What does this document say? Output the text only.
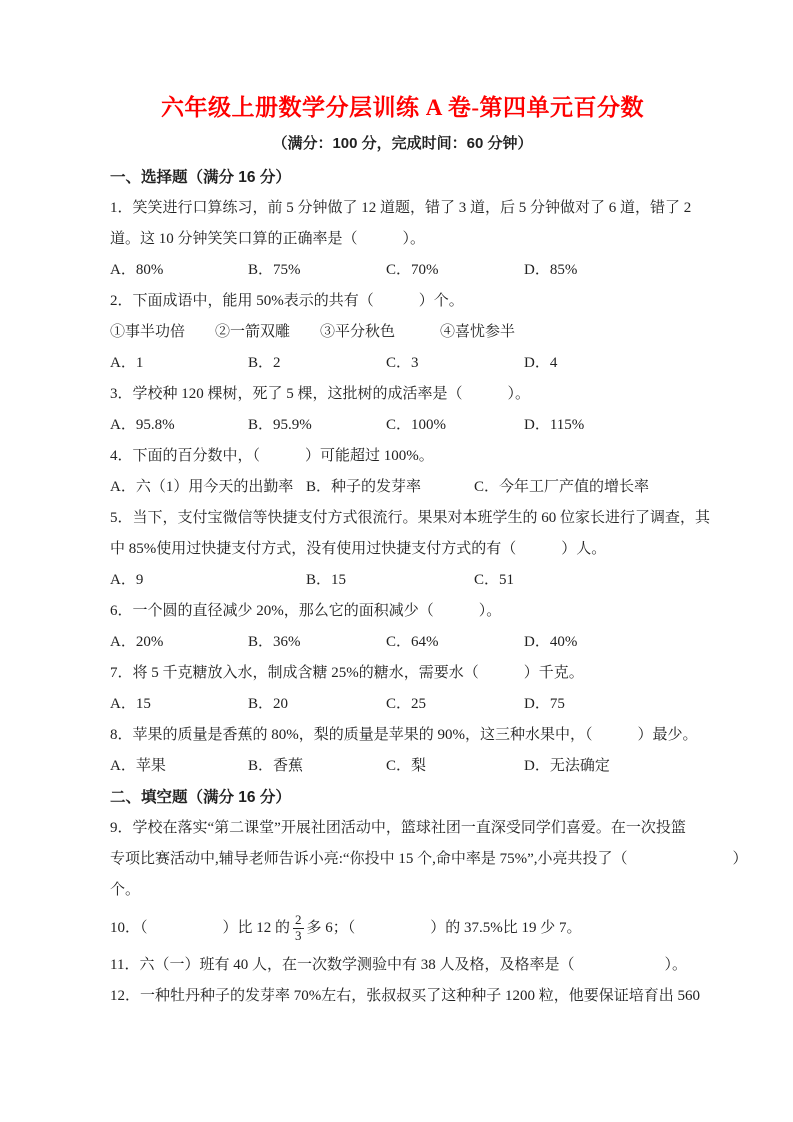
六年级上册数学分层训练 A 卷-第四单元百分数
（满分：100 分，完成时间：60 分钟）
一、选择题（满分 16 分）
1．笑笑进行口算练习，前 5 分钟做了 12 道题，错了 3 道，后 5 分钟做对了 6 道，错了 2
道。这 10 分钟笑笑口算的正确率是（　　　）。
A．80%	B．75%	C．70%	D．85%
2．下面成语中，能用 50%表示的共有（　　　）个。
①事半功倍　　②一箭双雕　　③平分秋色　　　④喜忧参半
A．1	B．2	C．3	D．4
3．学校种 120 棵树，死了 5 棵，这批树的成活率是（　　　）。
A．95.8%	B．95.9%	C．100%	D．115%
4．下面的百分数中，（　　　）可能超过 100%。
A．六（1）用今天的出勤率 B．种子的发芽率	C．今年工厂产值的增长率
5．当下，支付宝微信等快捷支付方式很流行。果果对本班学生的 60 位家长进行了调查，其
中 85%使用过快捷支付方式，没有使用过快捷支付方式的有（　　　）人。
A．9	B．15	C．51
6．一个圆的直径减少 20%，那么它的面积减少（　　　）。
A．20%	B．36%	C．64%	D．40%
7．将 5 千克糖放入水，制成含糖 25%的糖水，需要水（　　　）千克。
A．15	B．20	C．25	D．75
8．苹果的质量是香蕉的 80%，梨的质量是苹果的 90%，这三种水果中，（　　　）最少。
A．苹果	B．香蕉	C．梨	D．无法确定
二、填空题（满分 16 分）
9．学校在落实“第二课堂”开展社团活动中，篮球社团一直深受同学们喜爱。在一次投篮
专项比赛活动中,辅导老师告诉小亮:“你投中 15 个,命中率是 75%”,小亮共投了（　　　　　　　）
个。
10．（　　　　　）比 12 的 $\frac{2}{3}$ 多 6；（　　　　　）的 37.5%比 19 少 7。
11．六（一）班有 40 人，在一次数学测验中有 38 人及格，及格率是（　　　　　　）。
12．一种牡丹种子的发芽率 70%左右，张叔叔买了这种种子 1200 粒，他要保证培育出 560
